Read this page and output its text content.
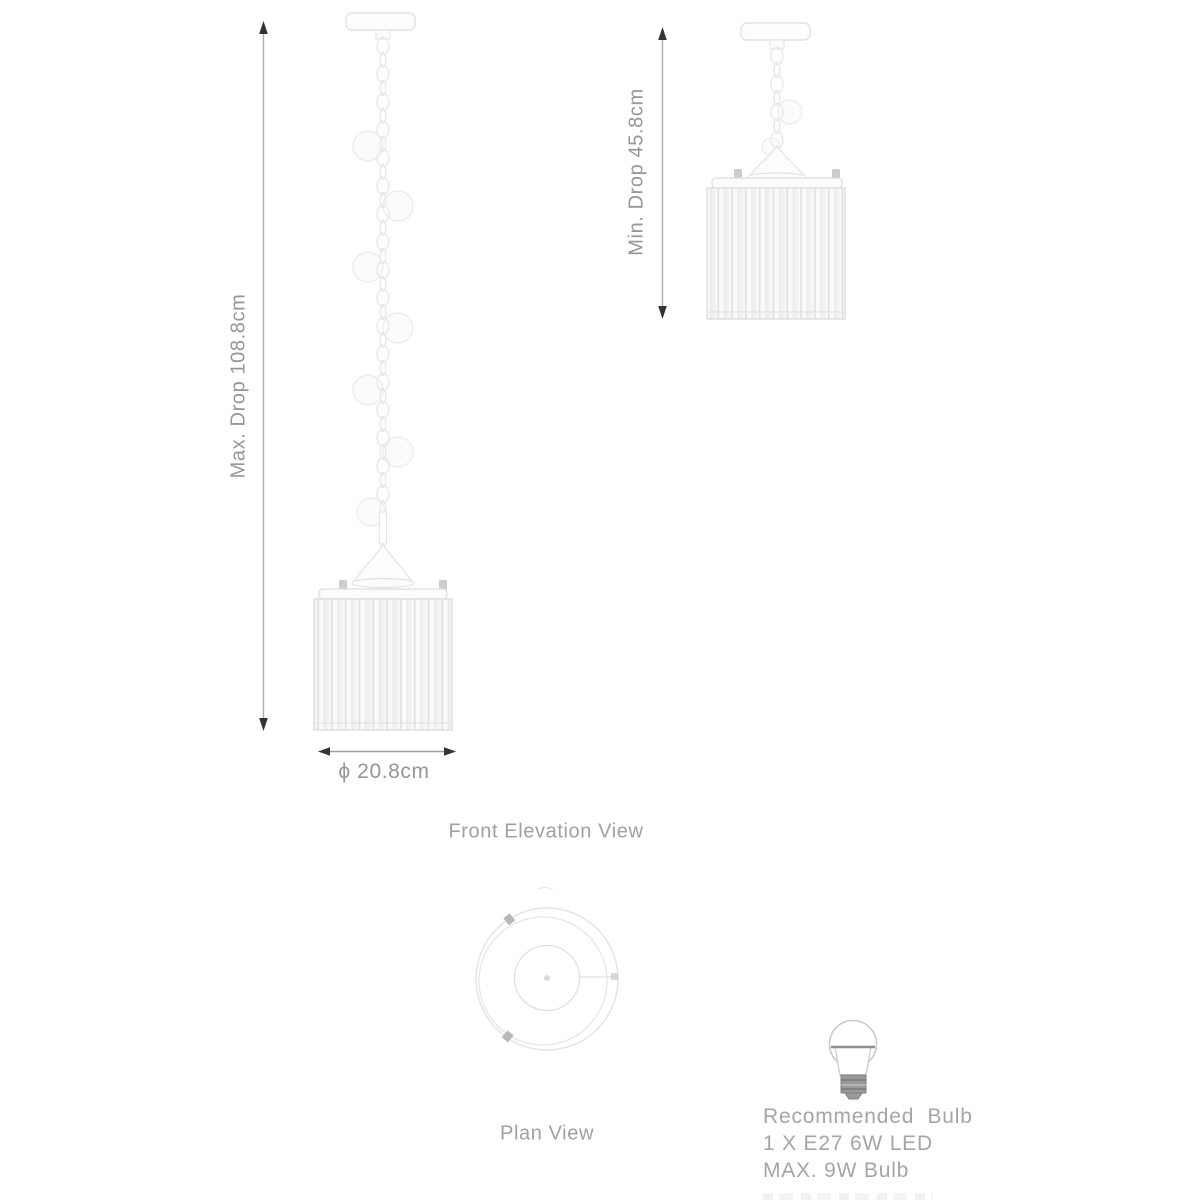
Max. Drop 108.8cm
Min. Drop 45.8cm
ϕ 20.8cm
Front Elevation View
Plan View
Recommended  Bulb
1 X E27 6W LED
MAX. 9W Bulb
